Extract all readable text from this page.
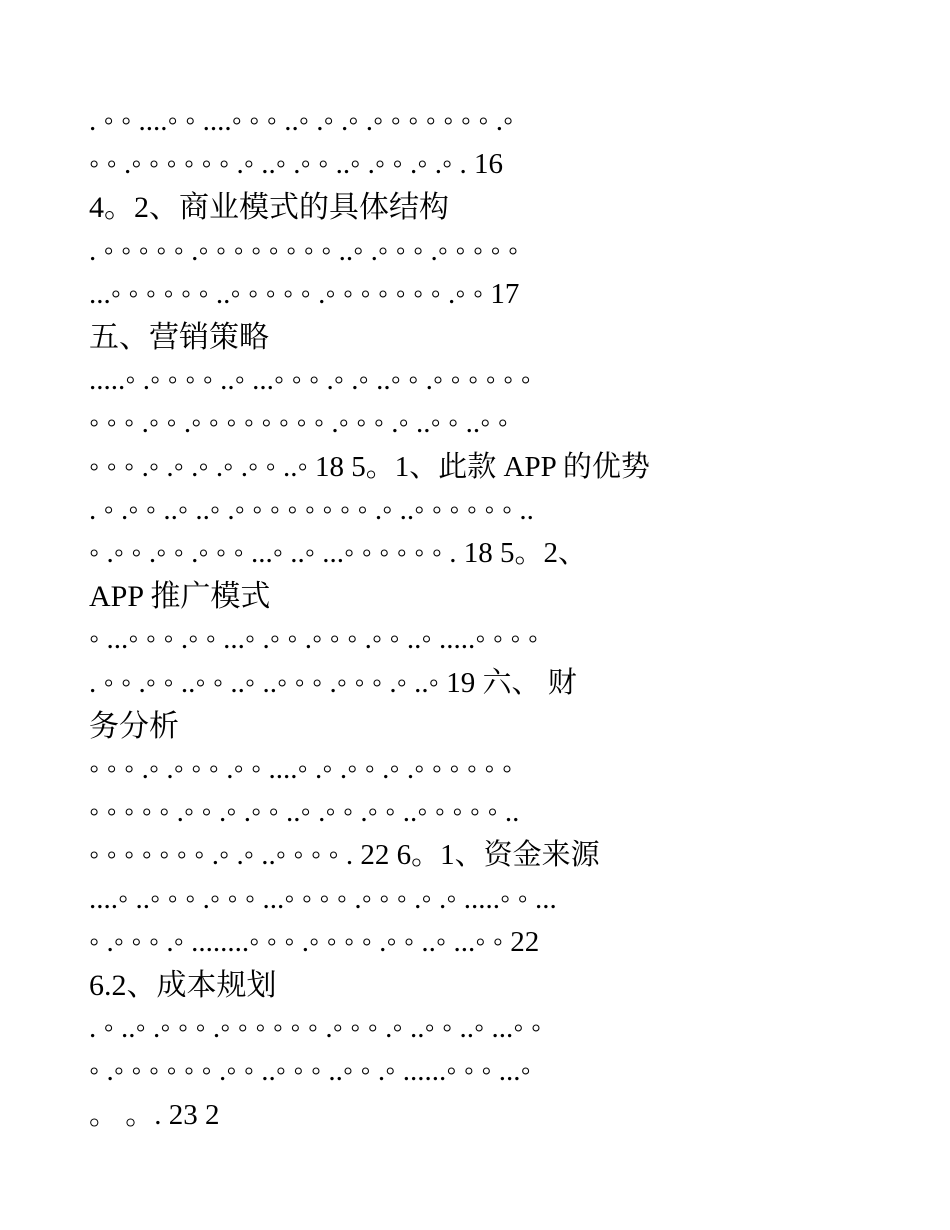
. ◦ ◦ ....◦ ◦ ....◦ ◦ ◦ ..◦ .◦ .◦ .◦ ◦ ◦ ◦ ◦ ◦ ◦ .◦
◦ ◦ .◦ ◦ ◦ ◦ ◦ ◦ .◦ ..◦ .◦ ◦ ..◦ .◦ ◦ .◦ .◦ . 16
4。2、商业模式的具体结构
. ◦ ◦ ◦ ◦ ◦ .◦ ◦ ◦ ◦ ◦ ◦ ◦ ◦ ..◦ .◦ ◦ ◦ .◦ ◦ ◦ ◦ ◦
...◦ ◦ ◦ ◦ ◦ ◦ ..◦ ◦ ◦ ◦ ◦ .◦ ◦ ◦ ◦ ◦ ◦ ◦ .◦ ◦ 17
五、营销策略
.....◦ .◦ ◦ ◦ ◦ ..◦ ...◦ ◦ ◦ .◦ .◦ ..◦ ◦ .◦ ◦ ◦ ◦ ◦ ◦
◦ ◦ ◦ .◦ ◦ .◦ ◦ ◦ ◦ ◦ ◦ ◦ ◦ .◦ ◦ ◦ .◦ ..◦ ◦ ..◦ ◦
◦ ◦ ◦ .◦ .◦ .◦ .◦ .◦ ◦ ..◦ 18 5。1、此款 APP 的优势
. ◦ .◦ ◦ ..◦ ..◦ .◦ ◦ ◦ ◦ ◦ ◦ ◦ ◦ .◦ ..◦ ◦ ◦ ◦ ◦ ◦ ..
◦ .◦ ◦ .◦ ◦ .◦ ◦ ◦ ...◦ ..◦ ...◦ ◦ ◦ ◦ ◦ ◦ . 18 5。2、
APP 推广模式
◦ ...◦ ◦ ◦ .◦ ◦ ...◦ .◦ ◦ .◦ ◦ ◦ .◦ ◦ ..◦ .....◦ ◦ ◦ ◦
. ◦ ◦ .◦ ◦ ..◦ ◦ ..◦ ..◦ ◦ ◦ .◦ ◦ ◦ .◦ ..◦ 19 六、 财
务分析
◦ ◦ ◦ .◦ .◦ ◦ ◦ .◦ ◦ ....◦ .◦ .◦ ◦ .◦ .◦ ◦ ◦ ◦ ◦ ◦
◦ ◦ ◦ ◦ ◦ .◦ ◦ .◦ .◦ ◦ ..◦ .◦ ◦ .◦ ◦ ..◦ ◦ ◦ ◦ ◦ ..
◦ ◦ ◦ ◦ ◦ ◦ ◦ .◦ .◦ ..◦ ◦ ◦ ◦ . 22 6。1、资金来源
....◦ ..◦ ◦ ◦ .◦ ◦ ◦ ...◦ ◦ ◦ ◦ .◦ ◦ ◦ .◦ .◦ .....◦ ◦ ...
◦ .◦ ◦ ◦ .◦ ........◦ ◦ ◦ .◦ ◦ ◦ ◦ .◦ ◦ ..◦ ...◦ ◦ 22
6.2、成本规划
. ◦ ..◦ .◦ ◦ ◦ .◦ ◦ ◦ ◦ ◦ ◦ .◦ ◦ ◦ .◦ ..◦ ◦ ..◦ ...◦ ◦
◦ .◦ ◦ ◦ ◦ ◦ ◦ .◦ ◦ ..◦ ◦ ◦ ..◦ ◦ .◦ ......◦ ◦ ◦ ...◦
。 。. 23 2
